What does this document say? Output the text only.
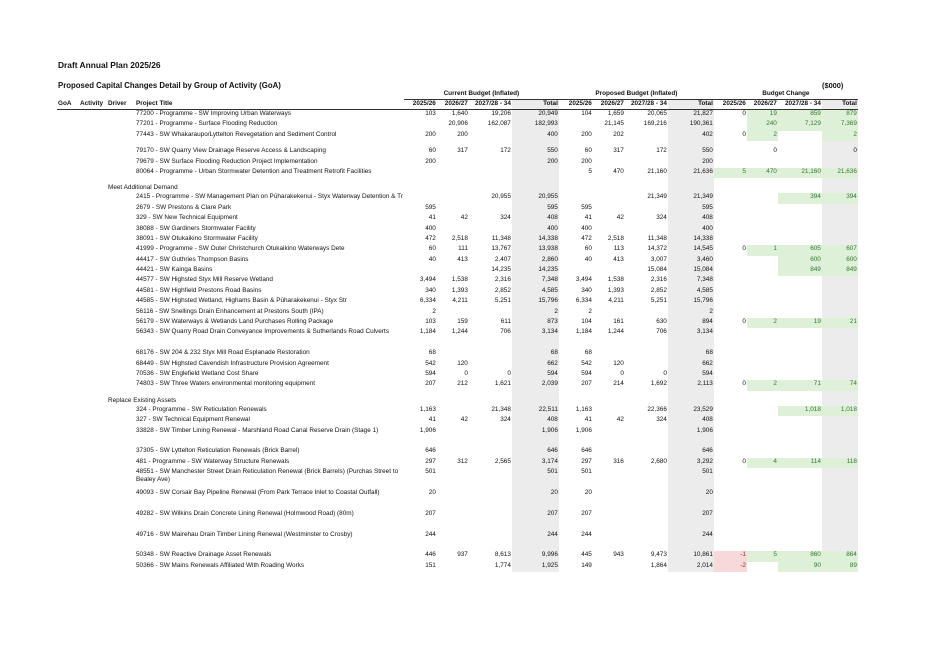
Draft Annual Plan 2025/26
Proposed Capital Changes Detail by Group of Activity (GoA)	($000)
				Current Budget (Inflated)				Proposed Budget (Inflated)				Budget Change			
GoA	Activity	Driver	Project Title	2025/26	2026/27	2027/28 - 34	Total	2025/26	2026/27	2027/28 - 34	Total	2025/26	2026/27	2027/28 - 34	Total
			77200 - Programme - SW Improving Urban Waterways	103	1,640	19,206	20,949	104	1,659	20,065	21,827	0	19	859	879
			77201 - Programme - Surface Flooding Reduction		20,906	162,087	182,993		21,145	169,216	190,361		240	7,129	7,369
			77443 - SW Whakaraupo/Lyttelton Revegetation and Sediment Control	200	200		400	200	202		402	0	2		2

			79170 - SW Quarry View Drainage Reserve Access & Landscaping	60	317	172	550	60	317	172	550		0		0
			79679 - SW Surface Flooding Reduction Project Implementation	200			200	200			200				
			80064 - Programme - Urban Stormwater Detention and Treatment Retrofit Facilities					5	470	21,160	21,636	5	470	21,160	21,636

		Meet Additional Demand													
			2415 - Programme - SW Management Plan on Pūharakekenui - Styx Waterway Detention & Tr			20,955	20,955			21,349	21,349			394	394
			2679 - SW Prestons & Clare Park	595			595	595			595				
			329 - SW New Technical Equipment	41	42	324	408	41	42	324	408				
			38088 - SW Gardiners Stormwater Facility	400			400	400			400				
			38091 - SW Otukaikino Stormwater Facility	472	2,518	11,348	14,338	472	2,518	11,348	14,338				
			41999 - Programme - SW Outer Christchurch Ōtukaikino Waterways Dete	60	111	13,767	13,938	60	113	14,372	14,545	0	1	605	607
			44417 - SW Guthries Thompson Basins	40	413	2,407	2,860	40	413	3,007	3,460			600	600
			44421 - SW Kainga Basins			14,235	14,235			15,084	15,084			849	849
			44577 - SW Highsted Styx Mill Reserve Wetland	3,494	1,538	2,316	7,348	3,494	1,538	2,316	7,348				
			44581 - SW Highfield Prestons Road Basins	340	1,393	2,852	4,585	340	1,393	2,852	4,585				
			44585 - SW Highsted Wetland, Highams Basin & Pūharakekenui - Styx Str	6,334	4,211	5,251	15,796	6,334	4,211	5,251	15,796				
			56116 - SW Snellings Drain Enhancement at Prestons South (IPA)	2			2	2			2				
			56179 - SW Waterways & Wetlands Land Purchases Rolling Package	103	159	611	873	104	161	630	894	0	2	19	21
			56343 - SW Quarry Road Drain Conveyance Improvements & Sutherlands Road Culverts	1,184	1,244	706	3,134	1,184	1,244	706	3,134				
			68176 - SW 204 & 232 Styx Mill Road Esplanade Restoration	68			68	68			68				
			68449 - SW Highsted Cavendish Infrastructure Provision Agreement	542	120		662	542	120		662				
			70536 - SW Englefield Wetland Cost Share	594	0	0	594	594	0	0	594				
			74803 - SW Three Waters environmental monitoring equipment	207	212	1,621	2,039	207	214	1,692	2,113	0	2	71	74

		Replace Existing Assets													
			324 - Programme - SW Reticulation Renewals	1,163		21,348	22,511	1,163		22,366	23,529			1,018	1,018
			327 - SW Technical Equipment Renewal	41	42	324	408	41	42	324	408				
			33828 - SW Timber Lining Renewal - Marshland Road Canal Reserve Drain (Stage 1)	1,906			1,906	1,906			1,906				
			37305 - SW Lyttelton Reticulation Renewals (Brick Barrel)	646			646	646			646				
			481 - Programme - SW Waterway Structure Renewals	297	312	2,565	3,174	297	316	2,680	3,292	0	4	114	118
			48551 - SW Manchester Street Drain Reticulation Renewal (Brick Barrels) (Purchas Street to Bealey Ave)	501			501	501			501				
			49093 - SW Corsair Bay Pipeline Renewal (From Park Terrace Inlet to Coastal Outfall)	20			20	20			20				
			49282 - SW Wilkins Drain Concrete Lining Renewal (Holmwood Road) (80m)	207			207	207			207				
			49716 - SW Mairehau Drain Timber Lining Renewal (Westminster to Crosby)	244			244	244			244				
			50348 - SW Reactive Drainage Asset Renewals	446	937	8,613	9,996	445	943	9,473	10,861	-1	5	860	864
			50366 - SW Mains Renewals Affiliated With Roading Works	151		1,774	1,925	149		1,864	2,014	-2		90	89
